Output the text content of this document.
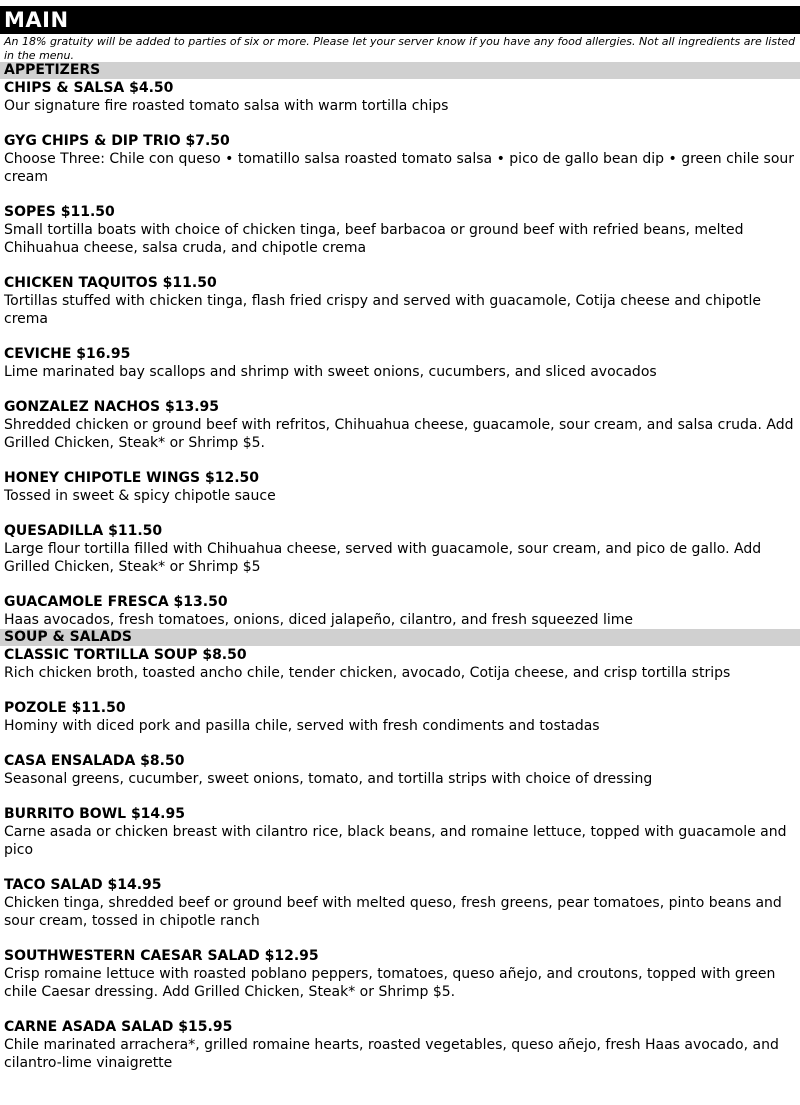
MAIN
An 18% gratuity will be added to parties of six or more. Please let your server know if you have any food allergies. Not all ingredients are listed in the menu.
APPETIZERS
CHIPS & SALSA $4.50
Our signature fire roasted tomato salsa with warm tortilla chips
GYG CHIPS & DIP TRIO $7.50
Choose Three: Chile con queso • tomatillo salsa roasted tomato salsa • pico de gallo bean dip • green chile sour cream
SOPES $11.50
Small tortilla boats with choice of chicken tinga, beef barbacoa or ground beef with refried beans, melted Chihuahua cheese, salsa cruda, and chipotle crema
CHICKEN TAQUITOS $11.50
Tortillas stuffed with chicken tinga, flash fried crispy and served with guacamole, Cotija cheese and chipotle crema
CEVICHE $16.95
Lime marinated bay scallops and shrimp with sweet onions, cucumbers, and sliced avocados
GONZALEZ NACHOS $13.95
Shredded chicken or ground beef with refritos, Chihuahua cheese, guacamole, sour cream, and salsa cruda. Add Grilled Chicken, Steak* or Shrimp $5.
HONEY CHIPOTLE WINGS $12.50
Tossed in sweet & spicy chipotle sauce
QUESADILLA $11.50
Large flour tortilla filled with Chihuahua cheese, served with guacamole, sour cream, and pico de gallo. Add Grilled Chicken, Steak* or Shrimp $5
GUACAMOLE FRESCA $13.50
Haas avocados, fresh tomatoes, onions, diced jalapeño, cilantro, and fresh squeezed lime
SOUP & SALADS
CLASSIC TORTILLA SOUP $8.50
Rich chicken broth, toasted ancho chile, tender chicken, avocado, Cotija cheese, and crisp tortilla strips
POZOLE $11.50
Hominy with diced pork and pasilla chile, served with fresh condiments and tostadas
CASA ENSALADA $8.50
Seasonal greens, cucumber, sweet onions, tomato, and tortilla strips with choice of dressing
BURRITO BOWL $14.95
Carne asada or chicken breast with cilantro rice, black beans, and romaine lettuce, topped with guacamole and pico
TACO SALAD $14.95
Chicken tinga, shredded beef or ground beef with melted queso, fresh greens, pear tomatoes, pinto beans and sour cream, tossed in chipotle ranch
SOUTHWESTERN CAESAR SALAD $12.95
Crisp romaine lettuce with roasted poblano peppers, tomatoes, queso añejo, and croutons, topped with green chile Caesar dressing. Add Grilled Chicken, Steak* or Shrimp $5.
CARNE ASADA SALAD $15.95
Chile marinated arrachera*, grilled romaine hearts, roasted vegetables, queso añejo, fresh Haas avocado, and cilantro-lime vinaigrette
